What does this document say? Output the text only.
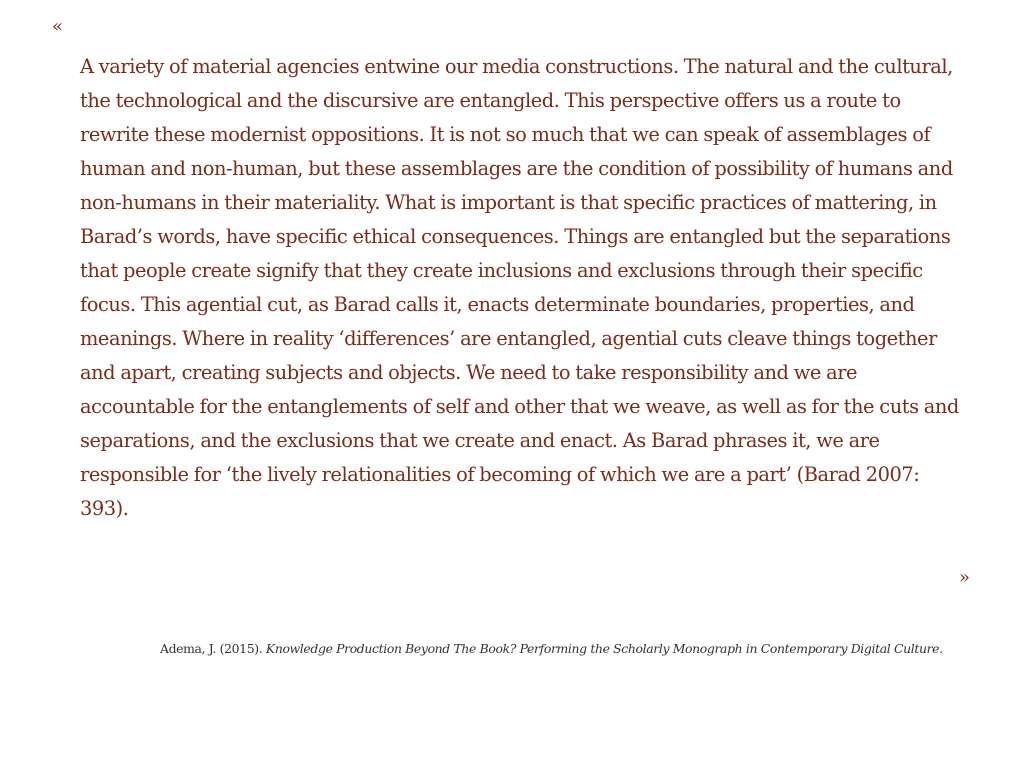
«

A variety of material agencies entwine our media constructions. The natural and the cultural, the technological and the discursive are entangled. This perspective offers us a route to rewrite these modernist oppositions. It is not so much that we can speak of assemblages of human and non-human, but these assemblages are the condition of possibility of humans and non-humans in their materiality. What is important is that specific practices of mattering, in Barad’s words, have specific ethical consequences. Things are entangled but the separations that people create signify that they create inclusions and exclusions through their specific focus. This agential cut, as Barad calls it, enacts determinate boundaries, properties, and meanings. Where in reality ‘differences’ are entangled, agential cuts cleave things together and apart, creating subjects and objects. We need to take responsibility and we are accountable for the entanglements of self and other that we weave, as well as for the cuts and separations, and the exclusions that we create and enact. As Barad phrases it, we are responsible for ‘the lively relationalities of becoming of which we are a part’ (Barad 2007: 393).

»
Adema, J. (2015). Knowledge Production Beyond The Book? Performing the Scholarly Monograph in Contemporary Digital Culture.
